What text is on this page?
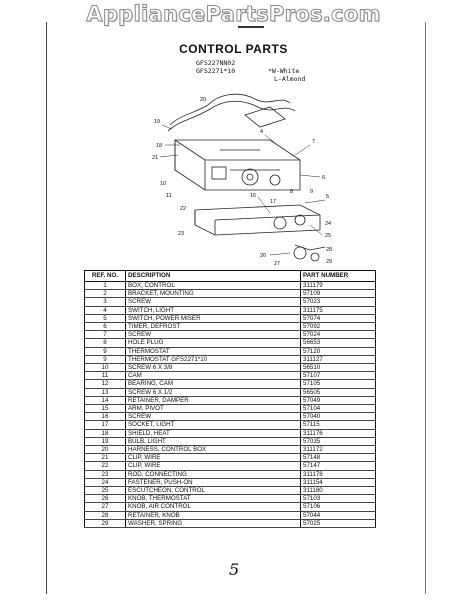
AppliancePartsPros.com
CONTROL PARTS
GFS227NN02
GFS2271*10	*W-White
L-Almond
20
19
18
21
4
7
6
5
9
8
10
11	16
17
22
23
24
25
26
27
28
29
REF. NO.	DESCRIPTION	PART NUMBER
1	BOX, CONTROL	311179
2	BRACKET, MOUNTING	57109
3	SCREW	57023
4	SWITCH, LIGHT	311175
5	SWITCH, POWER MISER	57074
6	TIMER, DEFROST	57092
7	SCREW	57024
8	HOLE PLUG	56653
9	THERMOSTAT	57120
9	THERMOSTAT GFS2271*10	311127
10	SCREW 6 X 3/8	56510
11	CAM	57107
12	BEARING, CAM	57105
13	SCREW 6 X 1/2	56505
14	RETAINER, DAMPER	57049
15	ARM, PIVOT	57104
16	SCREW	57040
17	SOCKET, LIGHT	57115
18	SHIELD, HEAT	311176
19	BULB, LIGHT	57035
20	HARNESS, CONTROL BOX	311172
21	CLIP, WIRE	57148
22	CLIP, WIRE	57147
23	ROD, CONNECTING	311178
24	FASTENER, PUSH-ON	311154
25	ESCUTCHEON, CONTROL	311180
26	KNOB, THERMOSTAT	57103
27	KNOB, AIR CONTROL	57106
28	RETAINER, KNOB	57044
29	WASHER, SPRING	57025
5
